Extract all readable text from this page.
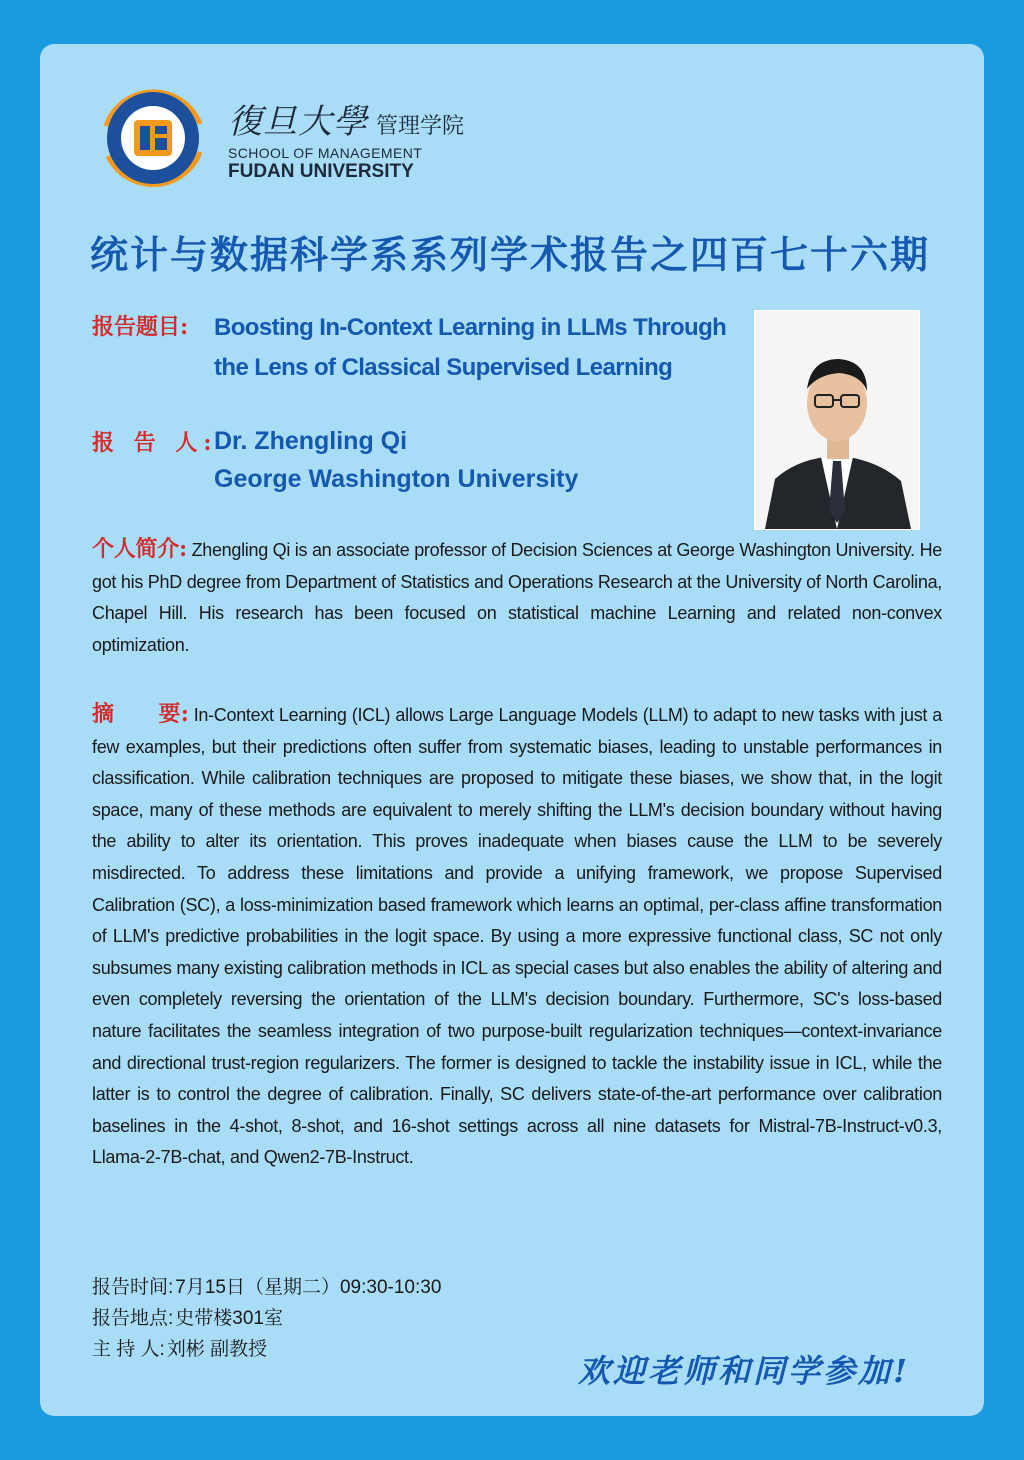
復旦大學 管理学院
SCHOOL OF MANAGEMENT
FUDAN UNIVERSITY
统计与数据科学系系列学术报告之四百七十六期
报告题目: Boosting In-Context Learning in LLMs Through
the Lens of Classical Supervised Learning
报 告 人:
Dr. Zhengling Qi
George Washington University
个人简介: Zhengling Qi is an associate professor of Decision Sciences at George Washington University. He got his PhD degree from Department of Statistics and Operations Research at the University of North Carolina, Chapel Hill. His research has been focused on statistical machine Learning and related non-convex optimization.
摘　　要: In-Context Learning (ICL) allows Large Language Models (LLM) to adapt to new tasks with just a few examples, but their predictions often suffer from systematic biases, leading to unstable performances in classification. While calibration techniques are proposed to mitigate these biases, we show that, in the logit space, many of these methods are equivalent to merely shifting the LLM's decision boundary without having the ability to alter its orientation. This proves inadequate when biases cause the LLM to be severely misdirected. To address these limitations and provide a unifying framework, we propose Supervised Calibration (SC), a loss-minimization based framework which learns an optimal, per-class affine transformation of LLM's predictive probabilities in the logit space. By using a more expressive functional class, SC not only subsumes many existing calibration methods in ICL as special cases but also enables the ability of altering and even completely reversing the orientation of the LLM's decision boundary. Furthermore, SC's loss-based nature facilitates the seamless integration of two purpose-built regularization techniques—context-invariance and directional trust-region regularizers. The former is designed to tackle the instability issue in ICL, while the latter is to control the degree of calibration. Finally, SC delivers state-of-the-art performance over calibration baselines in the 4-shot, 8-shot, and 16-shot settings across all nine datasets for Mistral-7B-Instruct-v0.3, Llama-2-7B-chat, and Qwen2-7B-Instruct.
报告时间: 7月15日（星期二）09:30-10:30
报告地点: 史带楼301室
主 持 人: 刘彬 副教授
欢迎老师和同学参加!
